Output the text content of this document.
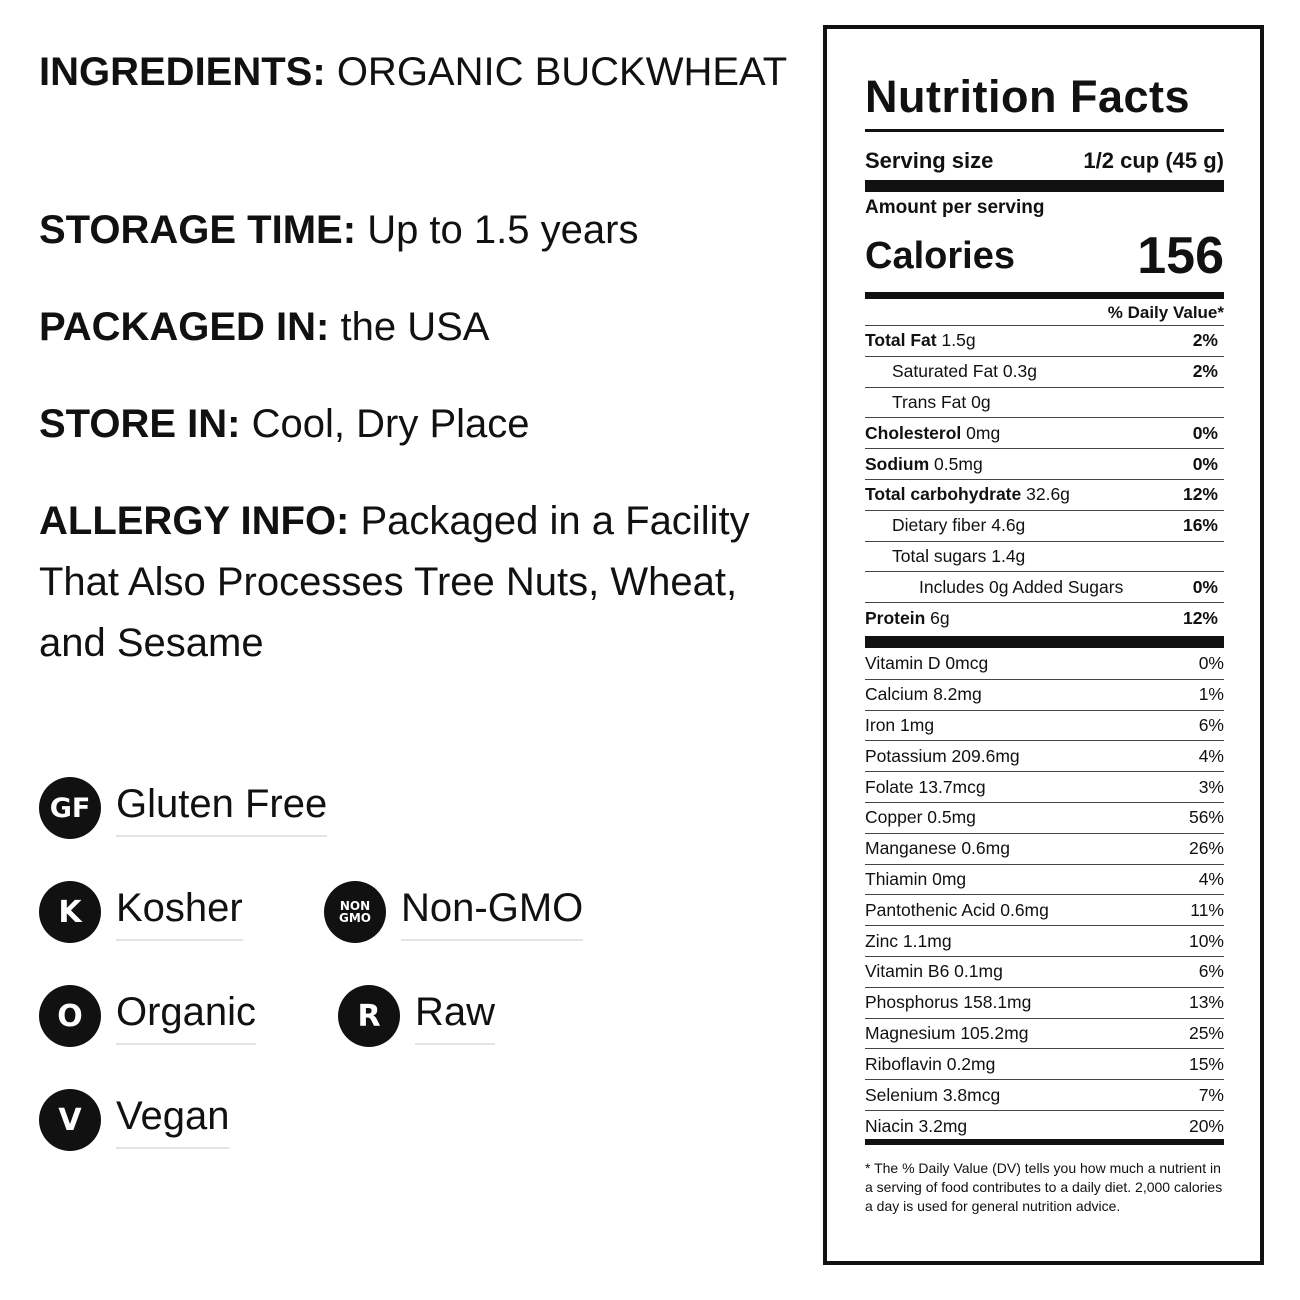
INGREDIENTS: ORGANIC BUCKWHEAT
STORAGE TIME: Up to 1.5 years
PACKAGED IN: the USA
STORE IN: Cool, Dry Place
ALLERGY INFO: Packaged in a Facility That Also Processes Tree Nuts, Wheat, and Sesame
GF Gluten Free
K Kosher	NON
GMO Non-GMO
O Organic	R Raw
V Vegan
Nutrition Facts
Serving size	1/2 cup (45 g)
Amount per serving
Calories 156
% Daily Value*
Total Fat 1.5g	2%
Saturated Fat 0.3g	2%
Trans Fat 0g
Cholesterol 0mg	0%
Sodium 0.5mg	0%
Total carbohydrate 32.6g	12%
Dietary fiber 4.6g	16%
Total sugars 1.4g
Includes 0g Added Sugars	0%
Protein 6g	12%
Vitamin D 0mcg	0%
Calcium 8.2mg	1%
Iron 1mg	6%
Potassium 209.6mg	4%
Folate 13.7mcg	3%
Copper 0.5mg	56%
Manganese 0.6mg	26%
Thiamin 0mg	4%
Pantothenic Acid 0.6mg	11%
Zinc 1.1mg	10%
Vitamin B6 0.1mg	6%
Phosphorus 158.1mg	13%
Magnesium 105.2mg	25%
Riboflavin 0.2mg	15%
Selenium 3.8mcg	7%
Niacin 3.2mg	20%
* The % Daily Value (DV) tells you how much a nutrient in a serving of food contributes to a daily diet. 2,000 calories a day is used for general nutrition advice.
